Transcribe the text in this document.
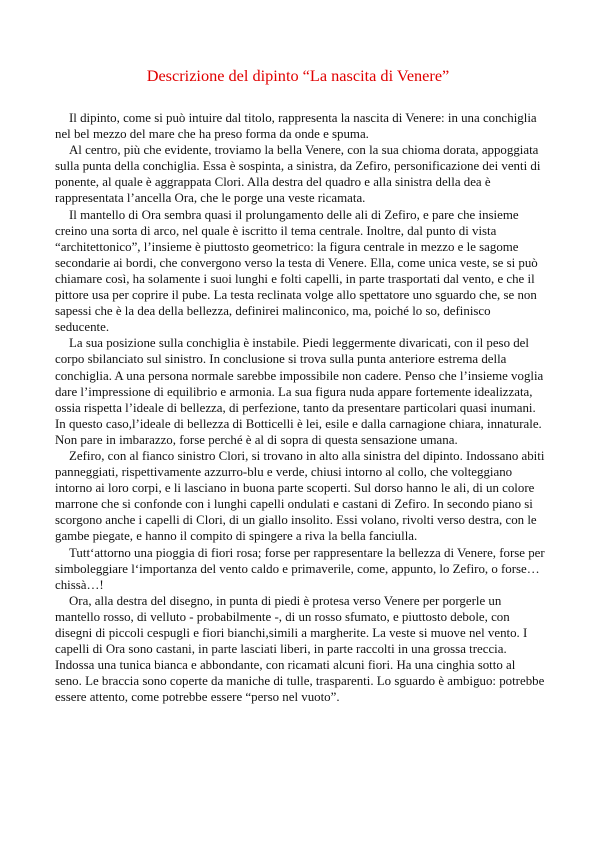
Descrizione del dipinto “La nascita di Venere”

Il dipinto, come si può intuire dal titolo, rappresenta la nascita di Venere: in una conchiglia nel bel mezzo del mare che ha preso forma da onde e spuma.

Al centro, più che evidente, troviamo la bella Venere, con la sua chioma dorata, appoggiata sulla punta della conchiglia. Essa è sospinta, a sinistra, da Zefiro, personificazione dei venti di ponente, al quale è aggrappata Clori. Alla destra del quadro e alla sinistra della dea è rappresentata l’ancella Ora, che le porge una veste ricamata.

Il mantello di Ora sembra quasi il prolungamento delle ali di Zefiro, e pare che insieme creino una sorta di arco, nel quale è iscritto il tema centrale. Inoltre, dal punto di vista “architettonico”, l’insieme è piuttosto geometrico: la figura centrale in mezzo e le sagome secondarie ai bordi, che convergono verso la testa di Venere. Ella, come unica veste, se si può chiamare così, ha solamente i suoi lunghi e folti capelli, in parte trasportati dal vento, e che il pittore usa per coprire il pube. La testa reclinata volge allo spettatore uno sguardo che, se non sapessi che è la dea della bellezza, definirei malinconico, ma, poiché lo so, definisco seducente.

La sua posizione sulla conchiglia è instabile. Piedi leggermente divaricati, con il peso del corpo sbilanciato sul sinistro. In conclusione si trova sulla punta anteriore estrema della conchiglia. A una persona normale sarebbe impossibile non cadere. Penso che l’insieme voglia dare l’impressione di equilibrio e armonia. La sua figura nuda appare fortemente idealizzata, ossia rispetta l’ideale di bellezza, di perfezione, tanto da presentare particolari quasi inumani. In questo caso,l’ideale di bellezza di Botticelli è lei, esile e dalla carnagione chiara, innaturale. Non pare in imbarazzo, forse perché è al di sopra di questa sensazione umana.

Zefiro, con al fianco sinistro Clori, si trovano in alto alla sinistra del dipinto. Indossano abiti panneggiati, rispettivamente azzurro-blu e verde, chiusi intorno al collo, che volteggiano intorno ai loro corpi, e li lasciano in buona parte scoperti. Sul dorso hanno le ali, di un colore marrone che si confonde con i lunghi capelli ondulati e castani di Zefiro. In secondo piano si scorgono anche i capelli di Clori, di un giallo insolito. Essi volano, rivolti verso destra, con le gambe piegate, e hanno il compito di spingere a riva la bella fanciulla.

Tutt‘attorno una pioggia di fiori rosa; forse per rappresentare la bellezza di Venere, forse per simboleggiare l‘importanza del vento caldo e primaverile, come, appunto, lo Zefiro, o forse…chissà…!

Ora, alla destra del disegno, in punta di piedi è protesa verso Venere per porgerle un mantello rosso, di velluto - probabilmente -, di un rosso sfumato, e piuttosto debole, con disegni di piccoli cespugli e fiori bianchi,simili a margherite. La veste si muove nel vento. I capelli di Ora sono castani, in parte lasciati liberi, in parte raccolti in una grossa treccia. Indossa una tunica bianca e abbondante, con ricamati alcuni fiori. Ha una cinghia sotto al seno. Le braccia sono coperte da maniche di tulle, trasparenti. Lo sguardo è ambiguo: potrebbe essere attento, come potrebbe essere “perso nel vuoto”.
